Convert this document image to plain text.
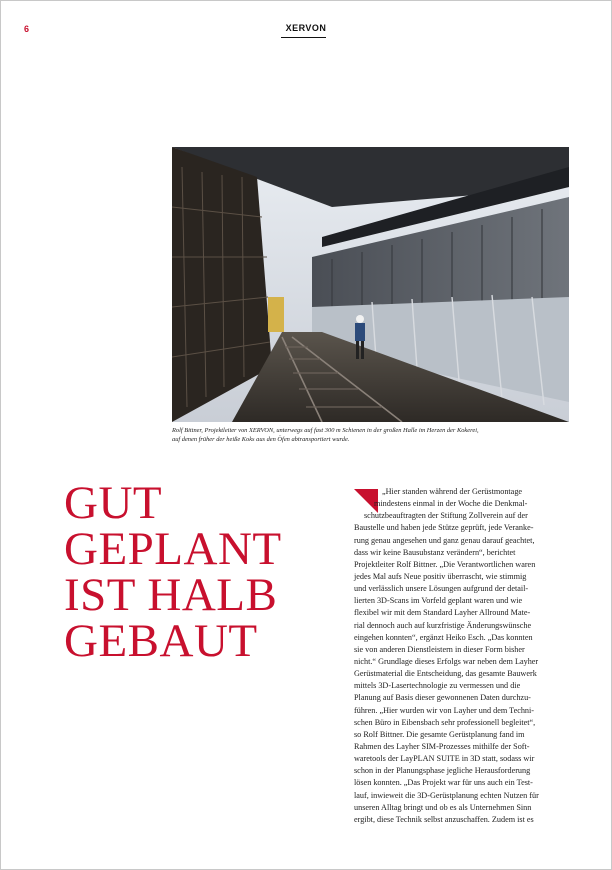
6	XERVON
Rolf Bittner, Projektleiter von XERVON, unterwegs auf fast 300 m Schienen in der großen Halle im Herzen der Kokerei,
auf denen früher der heiße Koks aus den Öfen abtransportiert wurde.
GUT
GEPLANT
IST HALB
GEBAUT
„Hier standen während der Gerüstmontage
mindestens einmal in der Woche die Denkmal-
schutzbeauftragten der Stiftung Zollverein auf der
Baustelle und haben jede Stütze geprüft, jede Veranke-
rung genau angesehen und ganz genau darauf geachtet,
dass wir keine Bausubstanz verändern“, berichtet
Projektleiter Rolf Bittner. „Die Verantwortlichen waren
jedes Mal aufs Neue positiv überrascht, wie stimmig
und verlässlich unsere Lösungen aufgrund der detail-
lierten 3D-Scans im Vorfeld geplant waren und wie
flexibel wir mit dem Standard Layher Allround Mate-
rial dennoch auch auf kurzfristige Änderungswünsche
eingehen konnten“, ergänzt Heiko Esch. „Das konnten
sie von anderen Dienstleistern in dieser Form bisher
nicht.“ Grundlage dieses Erfolgs war neben dem Layher
Gerüstmaterial die Entscheidung, das gesamte Bauwerk
mittels 3D-Lasertechnologie zu vermessen und die
Planung auf Basis dieser gewonnenen Daten durchzu-
führen. „Hier wurden wir von Layher und dem Techni-
schen Büro in Eibensbach sehr professionell begleitet“,
so Rolf Bittner. Die gesamte Gerüstplanung fand im
Rahmen des Layher SIM-Prozesses mithilfe der Soft-
waretools der LayPLAN SUITE in 3D statt, sodass wir
schon in der Planungsphase jegliche Herausforderung
lösen konnten. „Das Projekt war für uns auch ein Test-
lauf, inwieweit die 3D-Gerüstplanung echten Nutzen für
unseren Alltag bringt und ob es als Unternehmen Sinn
ergibt, diese Technik selbst anzuschaffen. Zudem ist es
